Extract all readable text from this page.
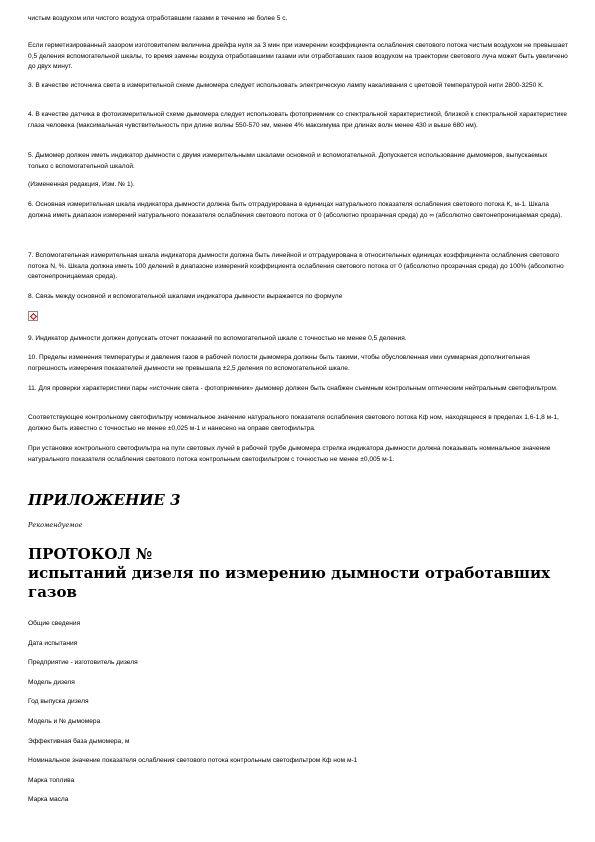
чистым воздухом или чистого воздуха отработавшим газами в течение не более 5 с.

Если герметизированный зазором изготовителем величина дрейфа нуля за 3 мин при измерении коэффициента ослабления светового потока чистым воздухом не превышает 0,5 деления вспомогательной шкалы, то время замены воздуха отработавшими газами или отработавших газов воздухом на траектории светового луча может быть увеличено до двух минут.

3. В качестве источника света в измерительной схеме дымомера следует использовать электрическую лампу накаливания с цветовой температурой нити 2800-3250 К.

4. В качестве датчика в фотоизмерительной схеме дымомера следует использовать фотоприемник со спектральной характеристикой, близкой к спектральной характеристике глаза человека (максимальная чувствительность при длине волны 550-570 нм, менее 4% максимума при длинах волн менее 430 и выше 680 нм).

5. Дымомер должен иметь индикатор дымности с двумя измерительными шкалами основной и вспомогательной. Допускается использование дымомеров, выпускаемых только с вспомогательной шкалой.

(Измененная редакция, Изм. № 1).

6. Основная измерительная шкала индикатора дымности должна быть отградуирована в единицах натурального показателя ослабления светового потока K, м-1. Шкала должна иметь диапазон измерений натурального показателя ослабления светового потока от 0 (абсолютно прозрачная среда) до ∞ (абсолютно светонепроницаемая среда).

7. Вспомогательная измерительная шкала индикатора дымности должна быть линейной и отградуирована в относительных единицах коэффициента ослабления светового потока N, %. Шкала должна иметь 100 делений в диапазоне измерений коэффициента ослабления светового потока от 0 (абсолютно прозрачная среда) до 100% (абсолютно светонепроницаемая среда).

8. Связь между основной и вспомогательной шкалами индикатора дымности выражается по формуле

9. Индикатор дымности должен допускать отсчет показаний по вспомогательной шкале с точностью не менее 0,5 деления.

10. Пределы изменения температуры и давления газов в рабочей полости дымомера должны быть такими, чтобы обусловленная ими суммарная дополнительная погрешность измерения показателей дымности не превышала ±2,5 деления по вспомогательной шкале.

11. Для проверки характеристики пары «источник света - фотоприемник» дымомер должен быть снабжен съемным контрольным оптическим нейтральным светофильтром.

Соответствующее контрольному светофильтру номинальное значение натурального показателя ослабления светового потока Кф ном, находящееся в пределах 1,6-1,8 м-1, должно быть известно с точностью не менее ±0,025 м-1 и нанесено на оправе светофильтра.

При установке контрольного светофильтра на пути световых лучей в рабочей трубе дымомера стрелка индикатора дымности должна показывать номинальное значение натурального показателя ослабления светового потока контрольным светофильтром с точностью не менее ±0,005 м-1.

ПРИЛОЖЕНИЕ 3

Рекомендуемое

ПРОТОКОЛ №
испытаний дизеля по измерению дымности отработавших газов

Общие сведения

Дата испытания

Предприятие - изготовитель дизеля

Модель дизеля

Год выпуска дизеля

Модель и № дымомера

Эффективная база дымомера, м

Номинальное значение показателя ослабления светового потока контрольным светофильтром Кф ном м-1

Марка топлива

Марка масла
